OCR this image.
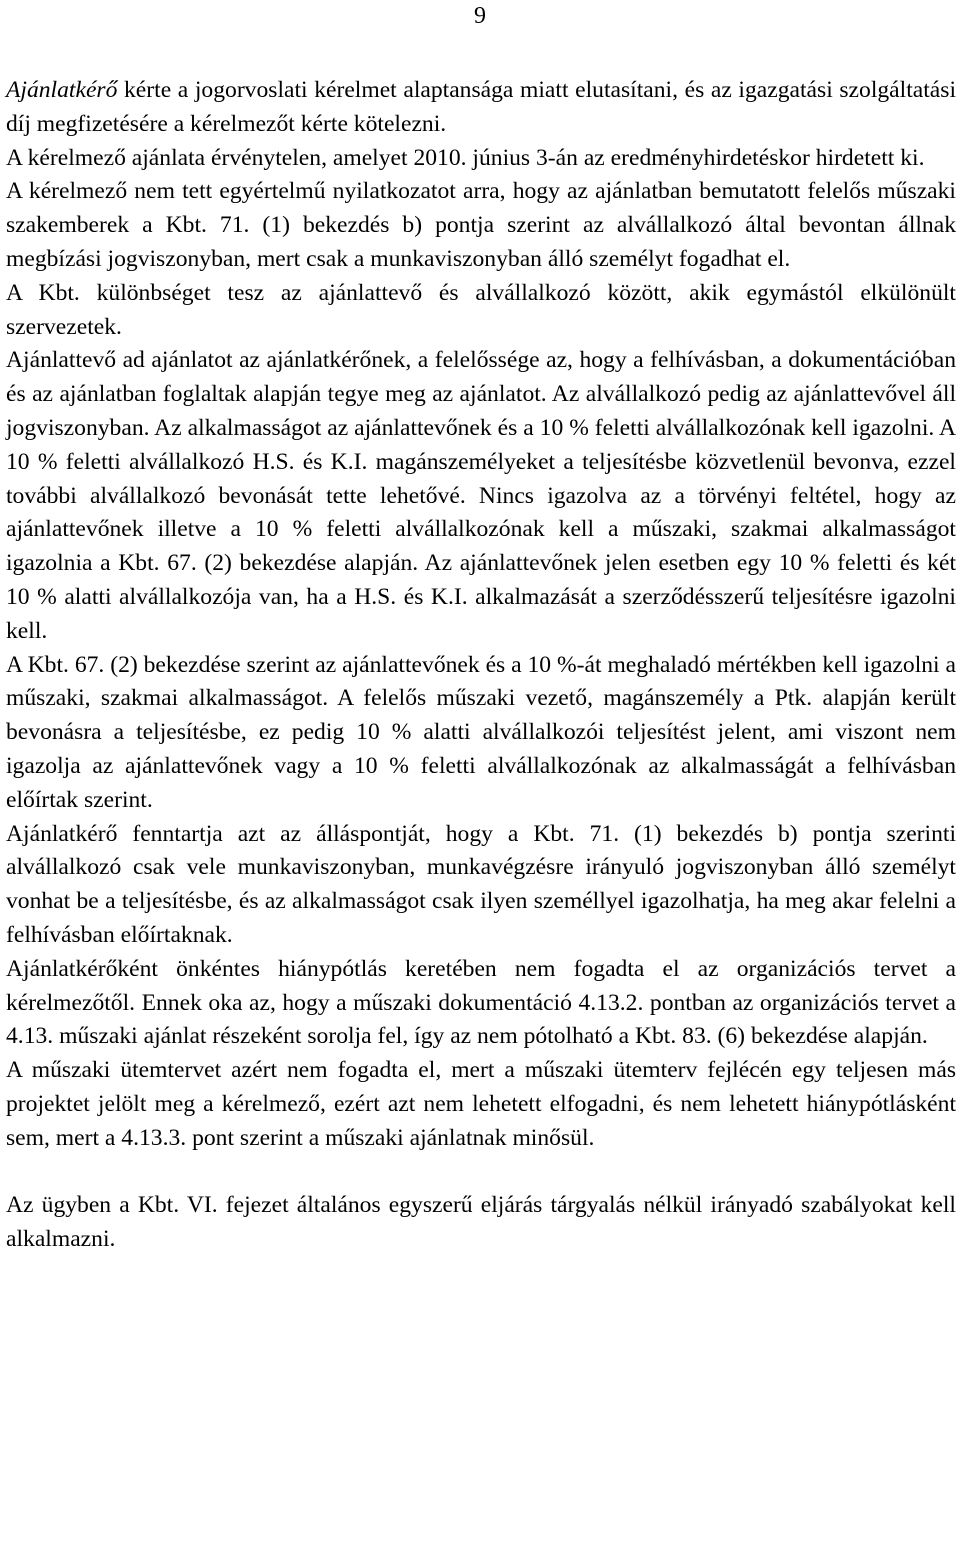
9

Ajánlatkérő kérte a jogorvoslati kérelmet alaptansága miatt elutasítani, és az igazgatási szolgáltatási díj megfizetésére a kérelmezőt kérte kötelezni.

A kérelmező ajánlata érvénytelen, amelyet 2010. június 3-án az eredményhirdetéskor hirdetett ki.

A kérelmező nem tett egyértelmű nyilatkozatot arra, hogy az ajánlatban bemutatott felelős műszaki szakemberek a Kbt. 71. (1) bekezdés b) pontja szerint az alvállalkozó által bevontan állnak megbízási jogviszonyban, mert csak a munkaviszonyban álló személyt fogadhat el.

A Kbt. különbséget tesz az ajánlattevő és alvállalkozó között, akik egymástól elkülönült szervezetek.

Ajánlattevő ad ajánlatot az ajánlatkérőnek, a felelőssége az, hogy a felhívásban, a dokumentációban és az ajánlatban foglaltak alapján tegye meg az ajánlatot. Az alvállalkozó pedig az ajánlattevővel áll jogviszonyban. Az alkalmasságot az ajánlattevőnek és a 10 % feletti alvállalkozónak kell igazolni. A 10 % feletti alvállalkozó H.S. és K.I. magánszemélyeket a teljesítésbe közvetlenül bevonva, ezzel további alvállalkozó bevonását tette lehetővé. Nincs igazolva az a törvényi feltétel, hogy az ajánlattevőnek illetve a 10 % feletti alvállalkozónak kell a műszaki, szakmai alkalmasságot igazolnia a Kbt. 67. (2) bekezdése alapján. Az ajánlattevőnek jelen esetben egy 10 % feletti és két 10 % alatti alvállalkozója van, ha a H.S. és K.I. alkalmazását a szerződésszerű teljesítésre igazolni kell.

A Kbt. 67. (2) bekezdése szerint az ajánlattevőnek és a 10 %-át meghaladó mértékben kell igazolni a műszaki, szakmai alkalmasságot. A felelős műszaki vezető, magánszemély a Ptk. alapján került bevonásra a teljesítésbe, ez pedig 10 % alatti alvállalkozói teljesítést jelent, ami viszont nem igazolja az ajánlattevőnek vagy a 10 % feletti alvállalkozónak az alkalmasságát a felhívásban előírtak szerint.

Ajánlatkérő fenntartja azt az álláspontját, hogy a Kbt. 71. (1) bekezdés b) pontja szerinti alvállalkozó csak vele munkaviszonyban, munkavégzésre irányuló jogviszonyban álló személyt vonhat be a teljesítésbe, és az alkalmasságot csak ilyen személlyel igazolhatja, ha meg akar felelni a felhívásban előírtaknak.

Ajánlatkérőként önkéntes hiánypótlás keretében nem fogadta el az organizációs tervet a kérelmezőtől. Ennek oka az, hogy a műszaki dokumentáció 4.13.2. pontban az organizációs tervet a 4.13. műszaki ajánlat részeként sorolja fel, így az nem pótolható a Kbt. 83. (6) bekezdése alapján.

A műszaki ütemtervet azért nem fogadta el, mert a műszaki ütemterv fejlécén egy teljesen más projektet jelölt meg a kérelmező, ezért azt nem lehetett elfogadni, és nem lehetett hiánypótlásként sem, mert a 4.13.3. pont szerint a műszaki ajánlatnak minősül.

Az ügyben a Kbt. VI. fejezet általános egyszerű eljárás tárgyalás nélkül irányadó szabályokat kell alkalmazni.
